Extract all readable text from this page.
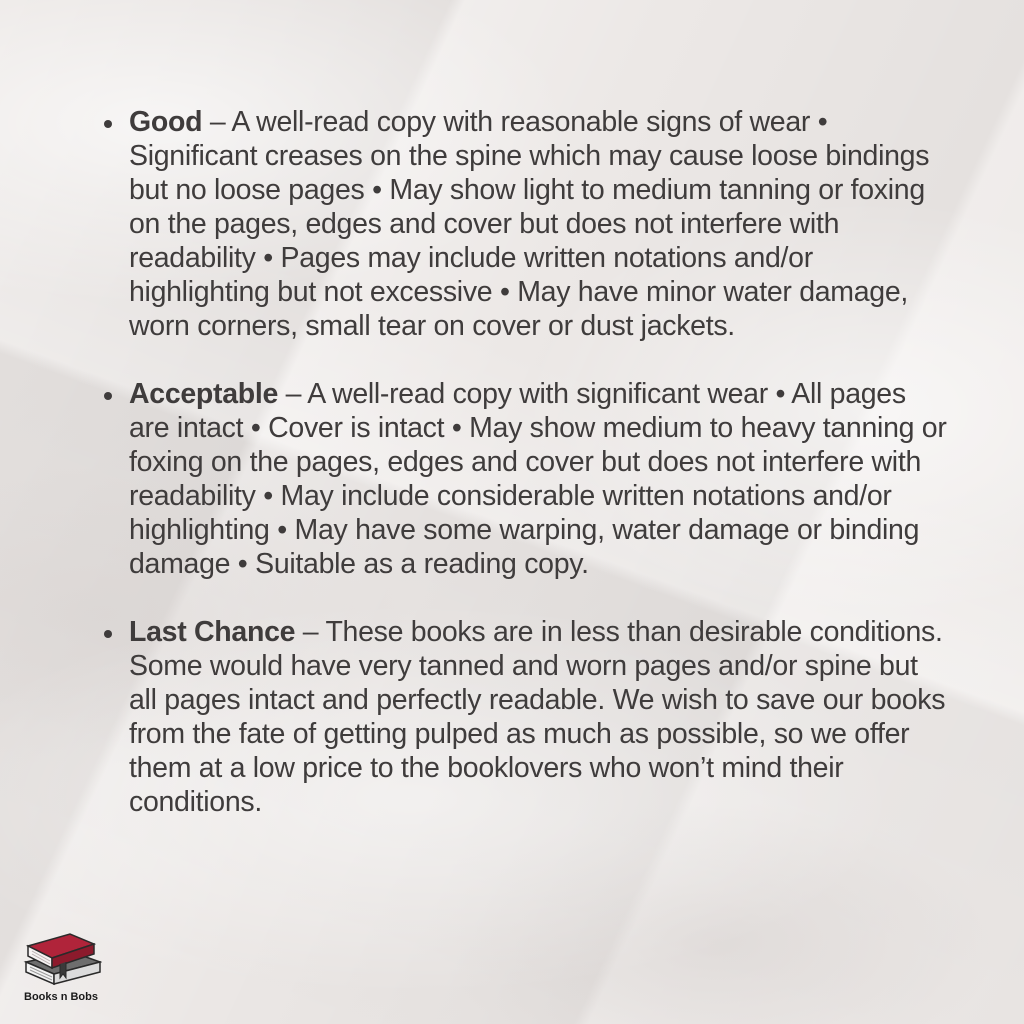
Good – A well-read copy with reasonable signs of wear • Significant creases on the spine which may cause loose bindings but no loose pages • May show light to medium tanning or foxing on the pages, edges and cover but does not interfere with readability • Pages may include written notations and/or highlighting but not excessive • May have minor water damage, worn corners, small tear on cover or dust jackets.
Acceptable – A well-read copy with significant wear • All pages are intact • Cover is intact • May show medium to heavy tanning or foxing on the pages, edges and cover but does not interfere with readability • May include considerable written notations and/or highlighting • May have some warping, water damage or binding damage • Suitable as a reading copy.
Last Chance – These books are in less than desirable conditions. Some would have very tanned and worn pages and/or spine but all pages intact and perfectly readable. We wish to save our books from the fate of getting pulped as much as possible, so we offer them at a low price to the booklovers who won’t mind their conditions.
Books n Bobs
